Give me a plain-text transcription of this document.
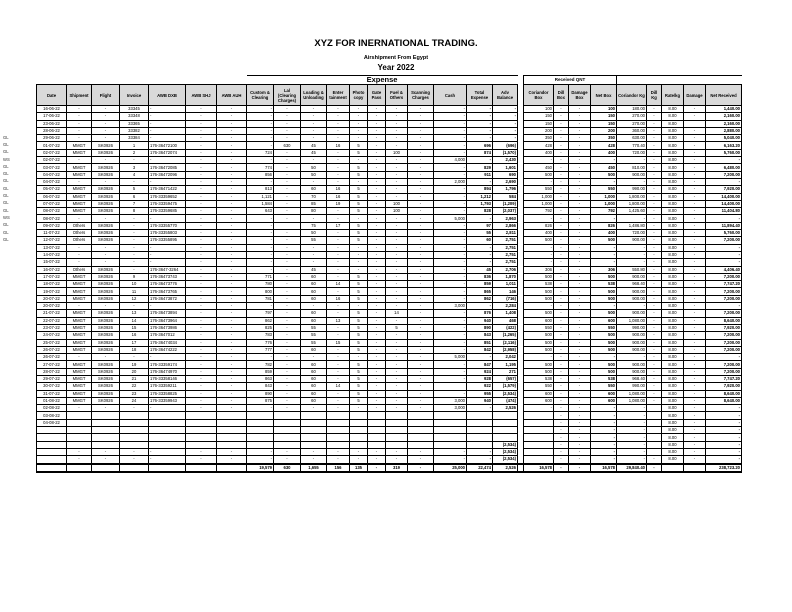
XYZ FOR INERNATIONAL TRADING.
Airshipment From Egypt
Year 2022
GL
GL
GL
WS
GL
GL
GL
GL
GL
GL
GL
WS
GL
GL
GL
							Expense												Received QNT								
Date	Shipment	Flight	Invoice	AWB DXB	AWB SHJ	AWB AUH	Custom & Clearing	Lal (Clearing Charges)	Loading & Unloading	Enter tainment	Photo copy	Gate Pass	Fuel & Others	Scanning Charges	Cash	Total Expense	Adv Balance		Coriandor Box	Dill Box	Damage Box	Net Box	Coriandor Kg	Dill Kg	Rate/kg	Damage	Net Received
16-06-22	-	-	33345	-	-	-	-	-	-	-	-	-	-	-	-	-	-		100	-	-	100	180.00	-	8.00	-	1,440.00
17-06-22	-	-	33348	-	-	-	-	-	-	-	-	-	-	-	-	-	-		150	-	-	150	270.00	-	8.00	-	2,160.00
23-06-22	-	-	33365	-	-	-	-	-	-	-	-	-	-	-	-	-	-		150	-	-	150	270.00	-	8.00		2,160.00
28-06-22	-	-	33382	-	-	-	-	-	-	-	-	-	-	-	-	-	-		200	-	-	200	360.00	-	8.00	-	2,880.00
29-06-22	-	-	33384	-	-	-	-	-	-	-	-	-	-	-	-	-	-		350	-	-	350	630.00	-	8.00	-	5,040.00
01-07-22	MMGT	SK0926	1	176-36472100	-	-	-	630	45	16	5	-	-	-	-	696	(696)		428	-	-	428	770.40	-	8.00	-	6,163.20
02-07-22	MMGT	SK0926	2	176-36472074	-	-	724	-	45	-	5	-	100	-	-	874	(1,570)		400	-	-	400	720.00	-	8.00	-	5,760.00
02-07-22	-	-	-	-	-	-	-	-	-	-	-	-	-	-	4,000	-	2,430		-	-	-	-	-	-	8.00	-	-
03-07-22	MMGT	SK0926	3	176-36472085	-	-	774	-	50	-	5	-	-	-	-	829	1,601		450	-	-	450	810.00	-	8.00	-	6,480.00
04-07-22	MMGT	SK0926	4	176-36472096	-	-	856	-	50	-	5	-	-	-	-	911	690		500	-	-	500	900.00	-	8.00	-	7,200.00
04-07-22	-	-	-	-	-	-	-	-	-	-	-	-	-	-	2,000	-	2,690		-	-	-	-	-	-	8.00	-	-
05-07-22	MMGT	SK0926	5	176-36471422	-	-	813	-	60	16	5	-	-	-	-	894	1,796		550	-	-	550	990.00	-	8.00	-	7,920.00
06-07-22	MMGT	SK0926	6	176-33359652	-	-	1,121	-	70	16	5	-	-	-	-	1,212	584		1,000	-	-	1,000	1,800.00	-	8.00	-	14,400.00
07-07-22	MMGT	SK0926	7	176-33359475	-	-	1,584	-	85	19	5	-	100	-	-	1,793	(1,209)		1,000	-	-	1,000	1,800.00	-	8.00	-	14,400.00
08-07-22	MMGT	SK0926	8	176-33359685	-	-	643	-	80	-	5	-	100	-	-	828	(2,037)		792	-	-	792	1,425.60	-	8.00	-	11,404.80
08-07-22	-	-	-	-	-	-	-	-	-	-	-	-	-	-	5,000	-	2,963		-	-	-	-	-	-	8.00	-	-
09-07-22	Others	SK0926	-	176-33355770	-	-	-		75	17	5	-	-	-	-	97	2,866		826	-	-	826	1,486.80	-	8.00	-	11,894.40
11-07-22	Others	SK0926	-	176-33355803	-	-	-	-	50	-	5	-	-	-	-	55	2,811		400	-	-	400	720.00	-	8.00	-	5,760.00
12-07-22	Others	SK0926	-	176-33355895	-	-	-	-	55	-	5	-	-	-	-	60	2,751		500	-	-	500	900.00	-	8.00	-	7,200.00
13-07-22	-	-	-	-	-	-	-	-	-	-	-	-	-	-	-	-	2,751		-	-	-	-	-	-	8.00	-	-
14-07-22	-	-	-	-	-	-	-	-	-	-	-	-	-	-	-	-	2,751		-	-	-	-	-	-	8.00	-	-
15-07-22	-	-	-	-	-	-	-	-	-	-	-	-	-	-	-	-	2,751		-	-	-	-	-	-	8.00	-	-
16-07-22	Others	SK0926	-	176-3647-3264	-	-	-	-	45	-	-	-	-	-	-	45	2,706		306	-	-	306	550.80	-	8.00	-	4,406.40
17-07-22	MMGT	SK0926	9	176-36473743	-	-	771	-	60	-	5	-	-	-	-	836	1,870		500	-	-	500	900.00	-	8.00	-	7,200.00
18-07-22	MMGT	SK0926	10	176-36473776	-	-	780	-	60	14	5	-	-	-	-	859	1,011		538	-	-	538	968.40	-	8.00	-	7,747.20
19-07-22	MMGT	SK0926	11	176-36473765	-	-	800	-	60	-	5	-	-	-	-	865	146		500	-	-	500	900.00	-	8.00	-	7,200.00
20-07-22	MMGT	SK0926	12	176-36473872	-	-	781	-	60	16	5	-	-	-	-	862	(716)		500	-	-	500	900.00	-	8.00	-	7,200.00
20-07-22	-	-	-	-	-	-	-	-	-	-	-	-	-	-	3,000	-	2,284		-	-	-	-	-	-	8.00	-	-
21-07-22	MMGT	SK0926	13	176-36473894	-	-	797	-	60	-	5	-	14	-	-	876	1,408		500	-	-	500	900.00	-	8.00	-	7,200.00
22-07-22	MMGT	SK0926	14	176-36473964	-	-	862	-	60	13	5	-	-	-	-	940	468		600	-	-	600	1,080.00	-	8.00	-	8,640.00
23-07-22	MMGT	SK0926	15	176-36473986	-	-	825	-	55	-	5	-	5	-	-	890	(422)		550	-	-	550	990.00	-	8.00	-	7,920.00
24-07-22	MMGT	SK0926	16	176-3647012	-	-	783	-	55	-	5	-	-	-	-	843	(1,265)		500	-	-	500	900.00	-	8.00	-	7,200.00
25-07-22	MMGT	SK0926	17	176-36474034	-	-	776	-	55	15	5	-	-	-	-	851	(2,116)		500	-	-	500	900.00	-	8.00	-	7,200.00
26-07-22	MMGT	SK0926	18	176-36474222	-	-	777	-	60	-	5	-	-	-	-	842	(2,958)		500	-	-	500	900.00	-	8.00	-	7,200.00
26-07-22	-	-	-	-	-	-	-	-	-	-	-	-	-	-	5,000	-	2,042		-	-	-	-	-	-	8.00	-	-
27-07-22	MMGT	SK0926	19	176-33359174	-	-	782	-	60	-	5	-	-	-	-	847	1,195		500	-	-	500	900.00	-	8.00	-	7,200.00
28-07-22	MMGT	SK0926	20	176-36474970	-	-	859	-	60	-	5	-	-	-	-	924	271		500	-	-	500	900.00	-	8.00	-	7,200.00
29-07-22	MMGT	SK0926	21	176-33358146	-	-	863	-	60	-	5	-	-	-	-	928	(657)		538	-	-	538	968.40	-	8.00	-	7,747.20
30-07-22	MMGT	SK0926	22	176-33359211	-	-	843	-	60	14	5	-	-	-		922	(1,579)		550	-	-	550	990.00	-	8.00	-	7,920.00
31-07-22	MMGT	SK0926	23	176-33358825	-	-	890	-	60	-	5	-	-	-	-	955	(2,534)		600	-	-	600	1,080.00	-	8.00	-	8,640.00
01-08-22	MMGT	SK0926	24	176-33359943	-	-	875	-	60	-	5	-	-	-	3,000	940	(474)		600	-	-	600	1,080.00	-	8.00	-	8,640.00
02-08-22	-	-	-	-	-	-	-	-	-	-	-	-	-	-	3,000	-	2,526		-	-	-	-	-		8.00	-	-
03-08-22																				-	-	-	-		8.00	-	-
04-08-22																				-	-	-	-		8.00	-	-
																				-	-	-	-		8.00	-	-
																				-	-	-	-		8.00	-	-
																	(2,534)			-	-	-	-		8.00	-	-
	-	-	-	-	-	-	-	-	-	-	-	-	-	-	-	-	(2,534)			-	-	-	-		8.00	-	-
	-	-	-	-	-	-	-	-	-	-	-	-	-	-	-	-	(2,534)			-	-	-	-	-	8.00	-	-
							19,579	630	1,655	156	135	-	319	-	25,000	22,474	2,526		16,578	-	-	16,578	29,840.40	-			238,723.20
